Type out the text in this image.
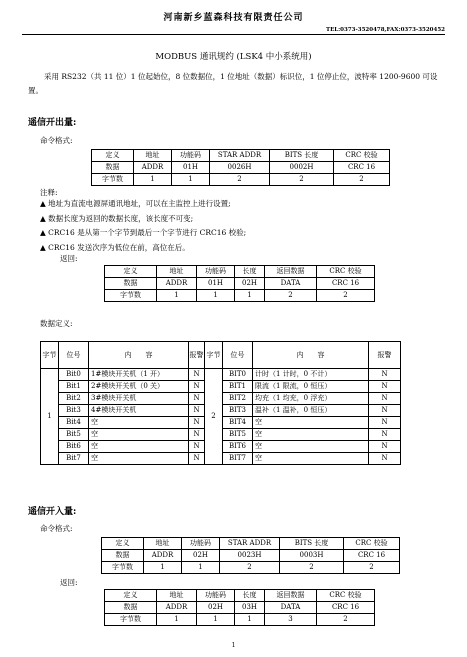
河南新乡蓝森科技有限责任公司
TEL:0373-3520478,FAX:0373-3520452
MODBUS 通讯规约 (LSK4 中小系统用)
采用 RS232（共 11 位）1 位起始位，8 位数据位，1 位地址（数据）标识位，1 位停止位，波特率 1200-9600 可设置。
遥信开出量:
命令格式:
定义	地址	功能码	STAR ADDR	BITS 长度	CRC 校验
数据	ADDR	01H	0026H	0002H	CRC 16
字节数	1	1	2	2	2
注释:
▲ 地址为直流电源屏通讯地址，可以在主监控上进行设置;
▲ 数据长度为返回的数据长度，该长度不可变;
▲ CRC16 是从第一个字节到最后一个字节进行 CRC16 校验;
▲ CRC16 发送次序为低位在前，高位在后。
返回:
定义	地址	功能码	长度	返回数据	CRC 校验
数据	ADDR	01H	02H	DATA	CRC 16
字节数	1	1	1	2	2
数据定义:
字节	位号	内　　容	报警	字节	位号	内　　容	报警
1	Bit0	1#模块开关机（1 开）	N	2	BIT0	计时（1 计时，0 不计）	N
	Bit1	2#模块开关机（0 关）	N		BIT1	限流（1 限流，0 恒压）	N
	Bit2	3#模块开关机	N		BIT2	均充（1 均充，0 浮充）	N
	Bit3	4#模块开关机	N		BIT3	温补（1 温补，0 恒压）	N
	Bit4	空	N		BIT4	空	N
	Bit5	空	N		BIT5	空	N
	Bit6	空	N		BIT6	空	N
	Bit7	空	N		BIT7	空	N
遥信开入量:
命令格式:
定义	地址	功能码	STAR ADDR	BITS 长度	CRC 校验
数据	ADDR	02H	0023H	0003H	CRC 16
字节数	1	1	2	2	2
返回:
定义	地址	功能码	长度	返回数据	CRC 校验
数据	ADDR	02H	03H	DATA	CRC 16
字节数	1	1	1	3	2
1
